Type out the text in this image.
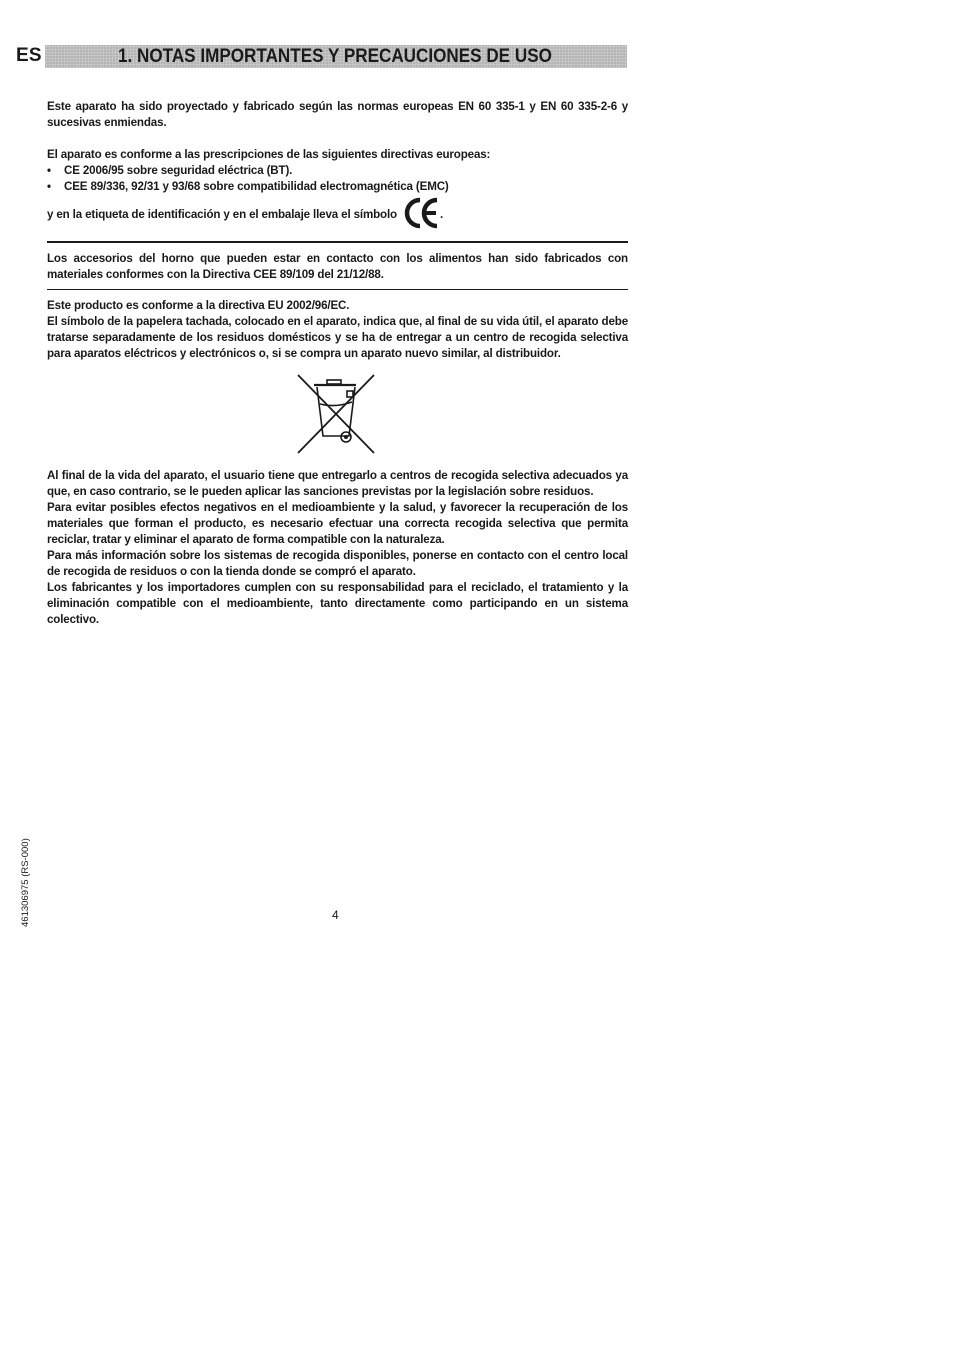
ES	1. NOTAS IMPORTANTES Y PRECAUCIONES DE USO

Este aparato ha sido proyectado y fabricado según las normas europeas EN 60 335-1 y EN 60 335-2-6 y sucesivas enmiendas.

El aparato es conforme a las prescripciones de las siguientes directivas europeas:

• CE 2006/95 sobre seguridad eléctrica (BT).
• CEE 89/336, 92/31 y 93/68 sobre compatibilidad electromagnética (EMC)
y en la etiqueta de identificación y en el embalaje lleva el símbolo	.

Los accesorios del horno que pueden estar en contacto con los alimentos han sido fabricados con materiales conformes con la Directiva CEE 89/109 del 21/12/88.

Este producto es conforme a la directiva EU 2002/96/EC.

El símbolo de la papelera tachada, colocado en el aparato, indica que, al final de su vida útil, el aparato debe tratarse separadamente de los residuos domésticos y se ha de entregar a un centro de recogida selectiva para aparatos eléctricos y electrónicos o, si se compra un aparato nuevo similar, al distribuidor.

Al final de la vida del aparato, el usuario tiene que entregarlo a centros de recogida selectiva adecuados ya que, en caso contrario, se le pueden aplicar las sanciones previstas por la legislación sobre residuos.

Para evitar posibles efectos negativos en el medioambiente y la salud, y favorecer la recuperación de los materiales que forman el producto, es necesario efectuar una correcta recogida selectiva que permita reciclar, tratar y eliminar el aparato de forma compatible con la naturaleza.

Para más información sobre los sistemas de recogida disponibles, ponerse en contacto con el centro local de recogida de residuos o con la tienda donde se compró el aparato.

Los fabricantes y los importadores cumplen con su responsabilidad para el reciclado, el tratamiento y la eliminación compatible con el medioambiente, tanto directamente como participando en un sistema colectivo.

461306975 (RS-000)	4
